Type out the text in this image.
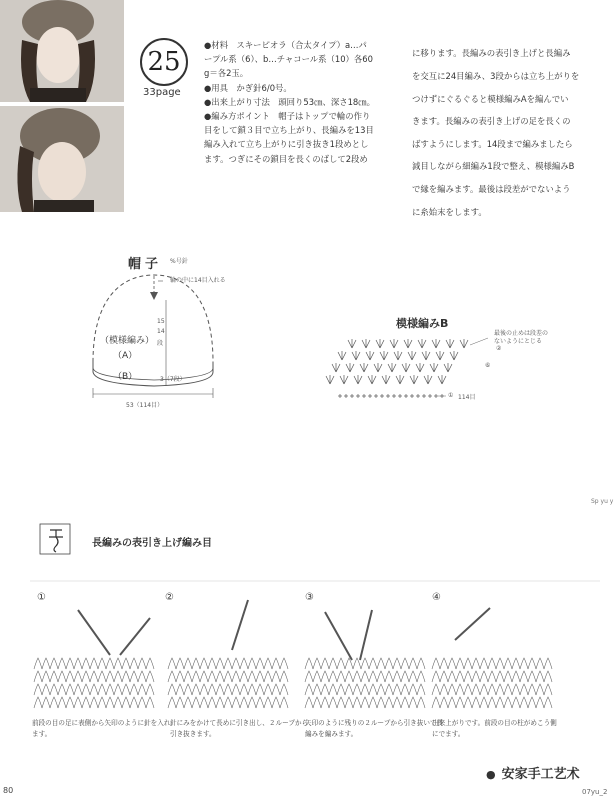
25
33page

●材料　スキーピオラ（合太タイプ）a…パ

ープル系（6）、b…チャコール系（10）各60

g＝各2玉。

●用具　かぎ針6/0号。

●出来上がり寸法　頭回り53㎝、深さ18㎝。

●編み方ポイント　帽子はトップで輪の作り

目をして鎖３目で立ち上がり、長編みを13目

編み入れて立ち上がりに引き抜き1段めとし

ます。つぎにその鎖目を長くのばして2段め

に移ります。長編みの表引き上げと長編み

を交互に24目編み、3段からは立ち上がりを

つけずにぐるぐると模様編みAを編んでい

きます。長編みの表引き上げの足を長くの

ばすようにします。14段まで編みましたら

減目しながら細編み1段で整え、模様編みB

で縁を編みます。最後は段差がでないよう

に糸始末をします。

帽子 %号針
輪の中に14目入れる
（模様編み）
（A）
（B）
15
14
段
3（7段）
53（114目）
模様編みB
最後の止めは段差の
ないようにとじる
②
⑥
① 114目
長編みの表引き上げ編み目
①	②	③	④
前段の目の足に表側から矢印のように針を入れます。
針にみをかけて長めに引き出し、２ループから引き抜きます。
矢印のように残りの２ループから引き抜いて長編みを編みます。
出来上がりです。前段の目の柱がめこう側にでます。
80
● 安家手工艺术
07yu_2
Sp yu y
